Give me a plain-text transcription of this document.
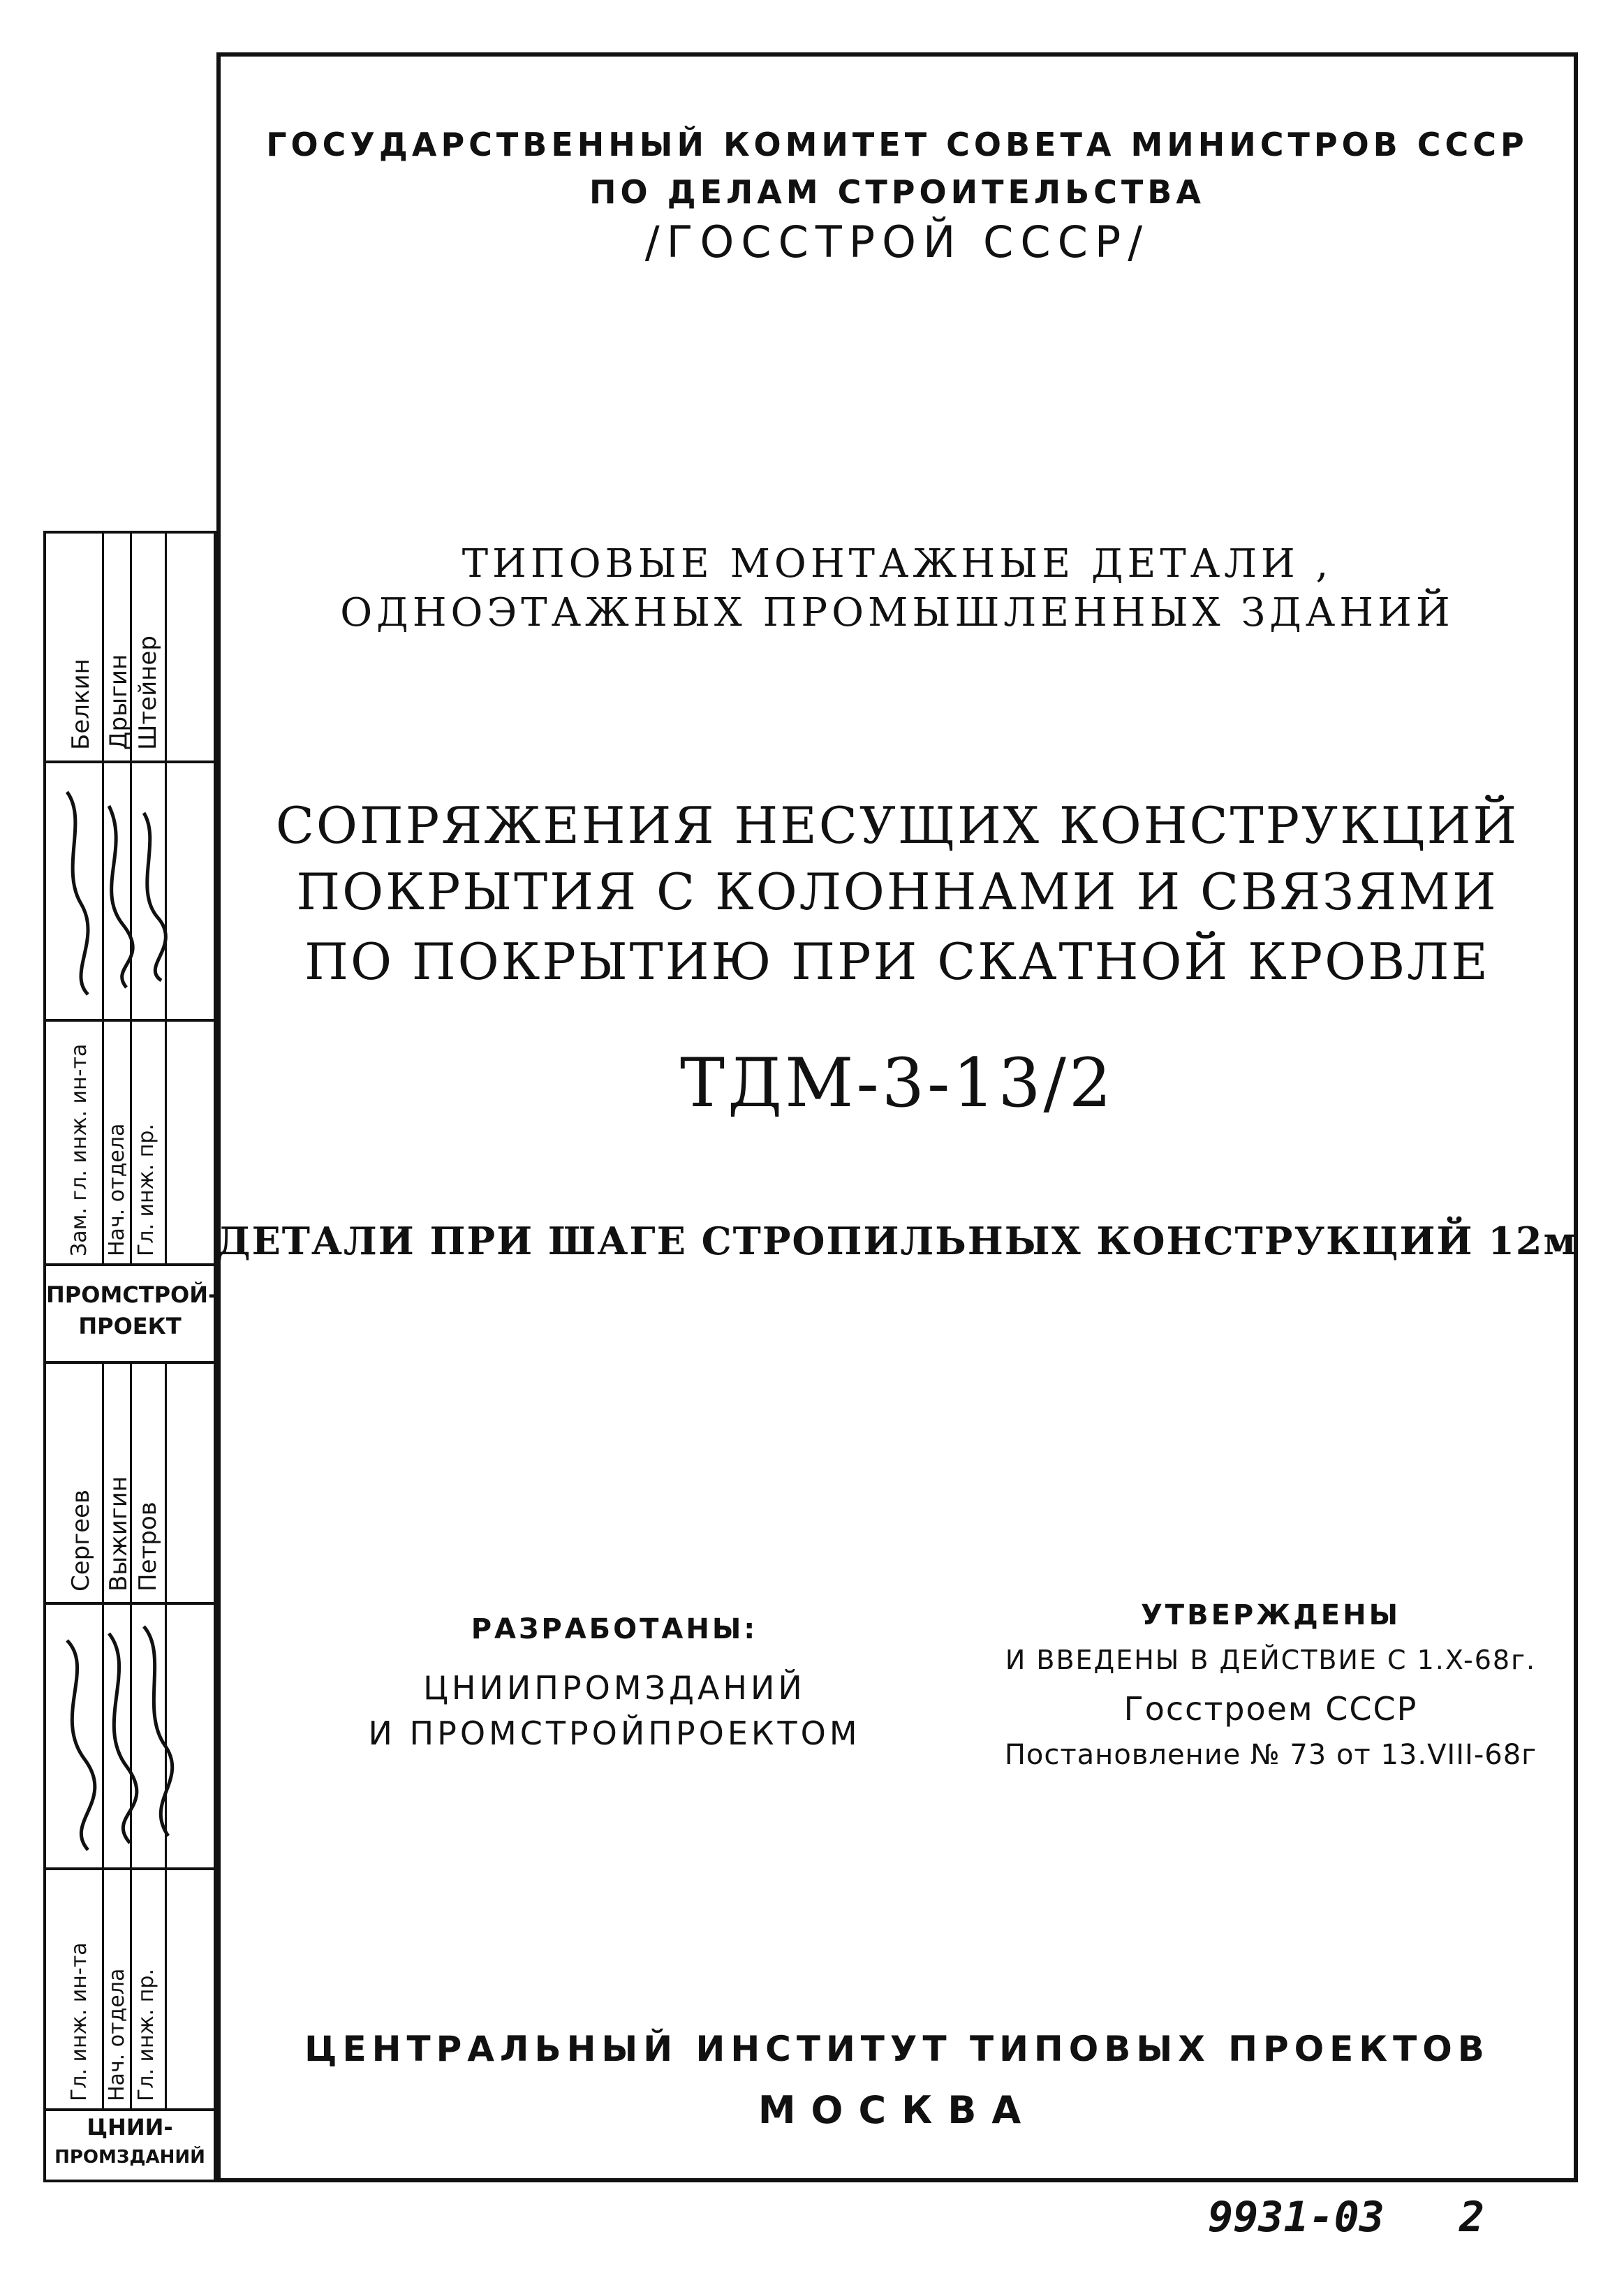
ГОСУДАРСТВЕННЫЙ КОМИТЕТ СОВЕТА МИНИСТРОВ СССР
ПО ДЕЛАМ СТРОИТЕЛЬСТВА
/ГОССТРОЙ СССР/
ТИПОВЫЕ МОНТАЖНЫЕ ДЕТАЛИ ,
ОДНОЭТАЖНЫХ ПРОМЫШЛЕННЫХ ЗДАНИЙ
СОПРЯЖЕНИЯ НЕСУЩИХ КОНСТРУКЦИЙ
ПОКРЫТИЯ С КОЛОННАМИ И СВЯЗЯМИ
ПО ПОКРЫТИЮ ПРИ СКАТНОЙ КРОВЛЕ
ТДМ-3-13/2
ДЕТАЛИ ПРИ ШАГЕ СТРОПИЛЬНЫХ КОНСТРУКЦИЙ 12м
РАЗРАБОТАНЫ:
ЦНИИПРОМЗДАНИЙ
И ПРОМСТРОЙПРОЕКТОМ
УТВЕРЖДЕНЫ
И ВВЕДЕНЫ В ДЕЙСТВИЕ С 1.X-68г.
Госстроем СССР
Постановление № 73 от 13.VIII-68г
ЦЕНТРАЛЬНЫЙ ИНСТИТУТ ТИПОВЫХ ПРОЕКТОВ
МОСКВА
9931-03 2
Белкин Дрыгин Штейнер
Зам. гл. инж. ин-та Нач. отдела Гл. инж. пр.
ПРОМСТРОЙ-
ПРОЕКТ
Сергеев Выжигин Петров
Гл. инж. ин-та Нач. отдела Гл. инж. пр.
ЦНИИ-
ПРОМЗДАНИЙ
